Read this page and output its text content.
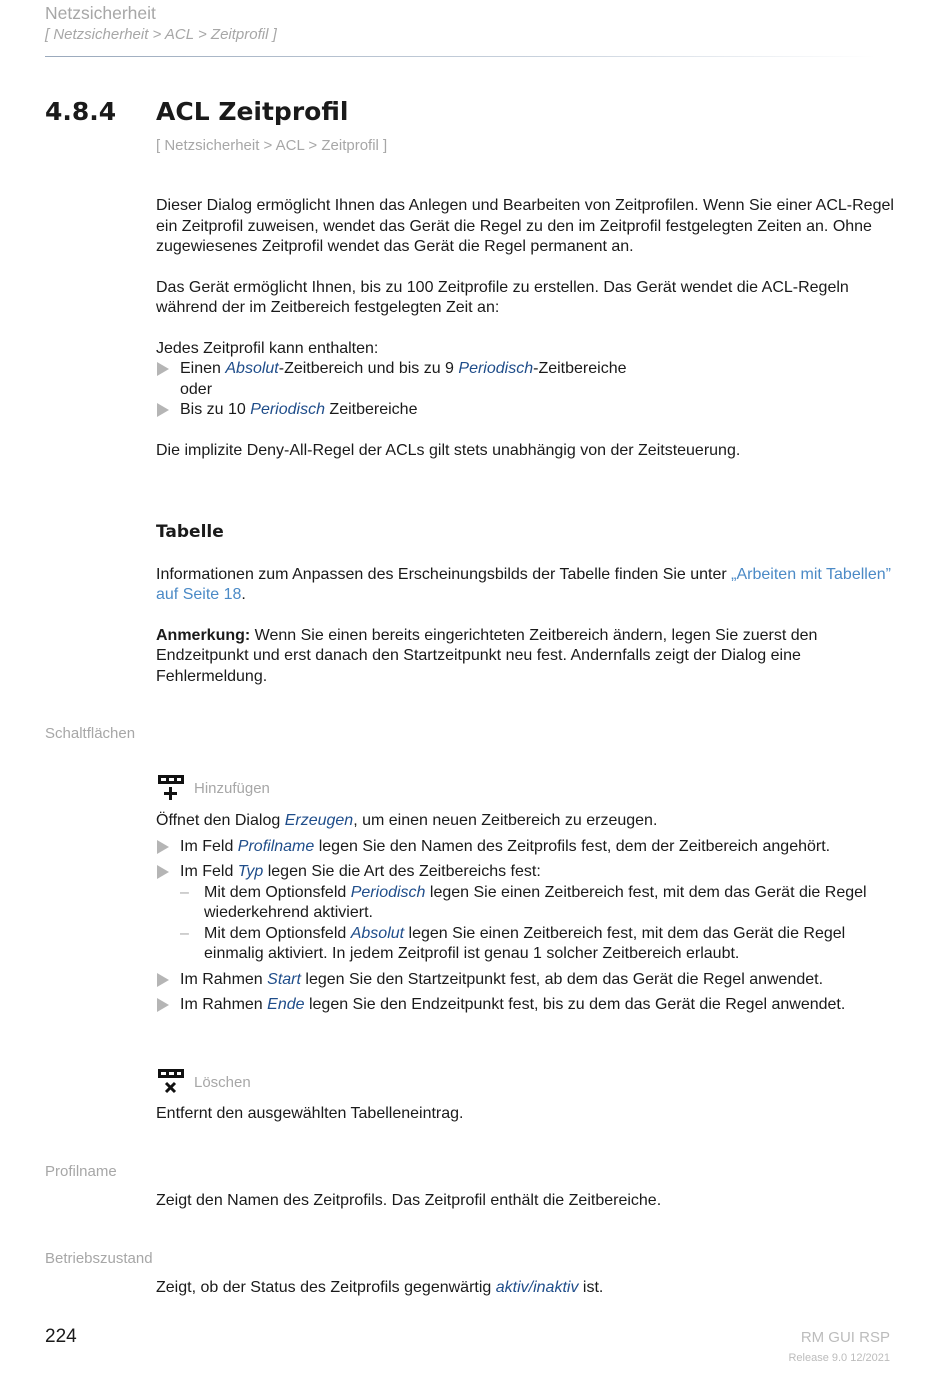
Netzsicherheit
[ Netzsicherheit > ACL > Zeitprofil ]
4.8.4 ACL Zeitprofil
[ Netzsicherheit > ACL > Zeitprofil ]

Dieser Dialog ermöglicht Ihnen das Anlegen und Bearbeiten von Zeitprofilen. Wenn Sie einer ACL-Regel ein Zeitprofil zuweisen, wendet das Gerät die Regel zu den im Zeitprofil festgelegten Zeiten an. Ohne zugewiesenes Zeitprofil wendet das Gerät die Regel permanent an.

Das Gerät ermöglicht Ihnen, bis zu 100 Zeitprofile zu erstellen. Das Gerät wendet die ACL-Regeln während der im Zeitbereich festgelegten Zeit an:

Jedes Zeitprofil kann enthalten:

Einen Absolut-Zeitbereich und bis zu 9 Periodisch-Zeitbereiche
oder
Bis zu 10 Periodisch Zeitbereiche

Die implizite Deny-All-Regel der ACLs gilt stets unabhängig von der Zeitsteuerung.

Tabelle

Informationen zum Anpassen des Erscheinungsbilds der Tabelle finden Sie unter „Arbeiten mit Tabellen” auf Seite 18.

Anmerkung: Wenn Sie einen bereits eingerichteten Zeitbereich ändern, legen Sie zuerst den Endzeitpunkt und erst danach den Startzeitpunkt neu fest. Andernfalls zeigt der Dialog eine Fehlermeldung.

Schaltflächen
Hinzufügen

Öffnet den Dialog Erzeugen, um einen neuen Zeitbereich zu erzeugen.

Im Feld Profilname legen Sie den Namen des Zeitprofils fest, dem der Zeitbereich angehört.
Im Feld Typ legen Sie die Art des Zeitbereichs fest:
– Mit dem Optionsfeld Periodisch legen Sie einen Zeitbereich fest, mit dem das Gerät die Regel wiederkehrend aktiviert.
– Mit dem Optionsfeld Absolut legen Sie einen Zeitbereich fest, mit dem das Gerät die Regel einmalig aktiviert. In jedem Zeitprofil ist genau 1 solcher Zeitbereich erlaubt.
Im Rahmen Start legen Sie den Startzeitpunkt fest, ab dem das Gerät die Regel anwendet.
Im Rahmen Ende legen Sie den Endzeitpunkt fest, bis zu dem das Gerät die Regel anwendet.
Löschen
Entfernt den ausgewählten Tabelleneintrag.
Profilname
Zeigt den Namen des Zeitprofils. Das Zeitprofil enthält die Zeitbereiche.
Betriebszustand
Zeigt, ob der Status des Zeitprofils gegenwärtig aktiv/inaktiv ist.
224	RM GUI RSP
Release 9.0 12/2021
